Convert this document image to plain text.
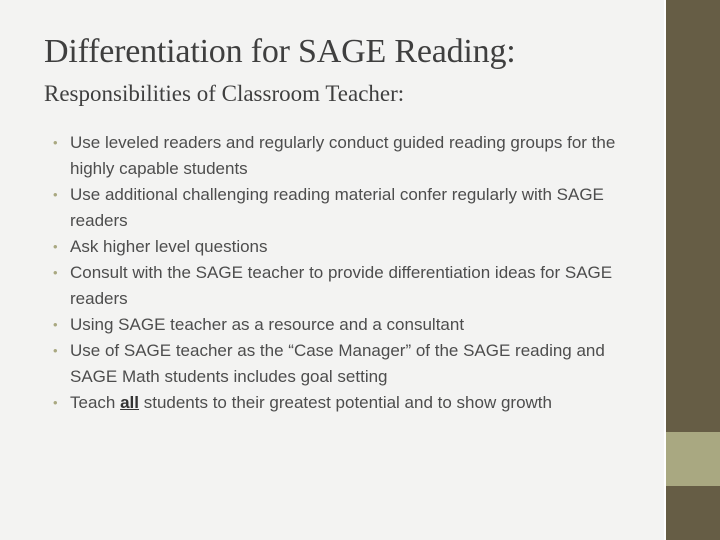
Differentiation for SAGE Reading:
Responsibilities of Classroom Teacher:
• Use leveled readers and regularly conduct guided reading groups for the highly capable students
• Use additional challenging reading material confer regularly with SAGE readers
• Ask higher level questions
• Consult with the SAGE teacher to provide differentiation ideas for SAGE readers
• Using SAGE teacher as a resource and a consultant
• Use of SAGE teacher as the “Case Manager” of the SAGE reading and SAGE Math students includes goal setting
• Teach all students to their greatest potential and to show growth
